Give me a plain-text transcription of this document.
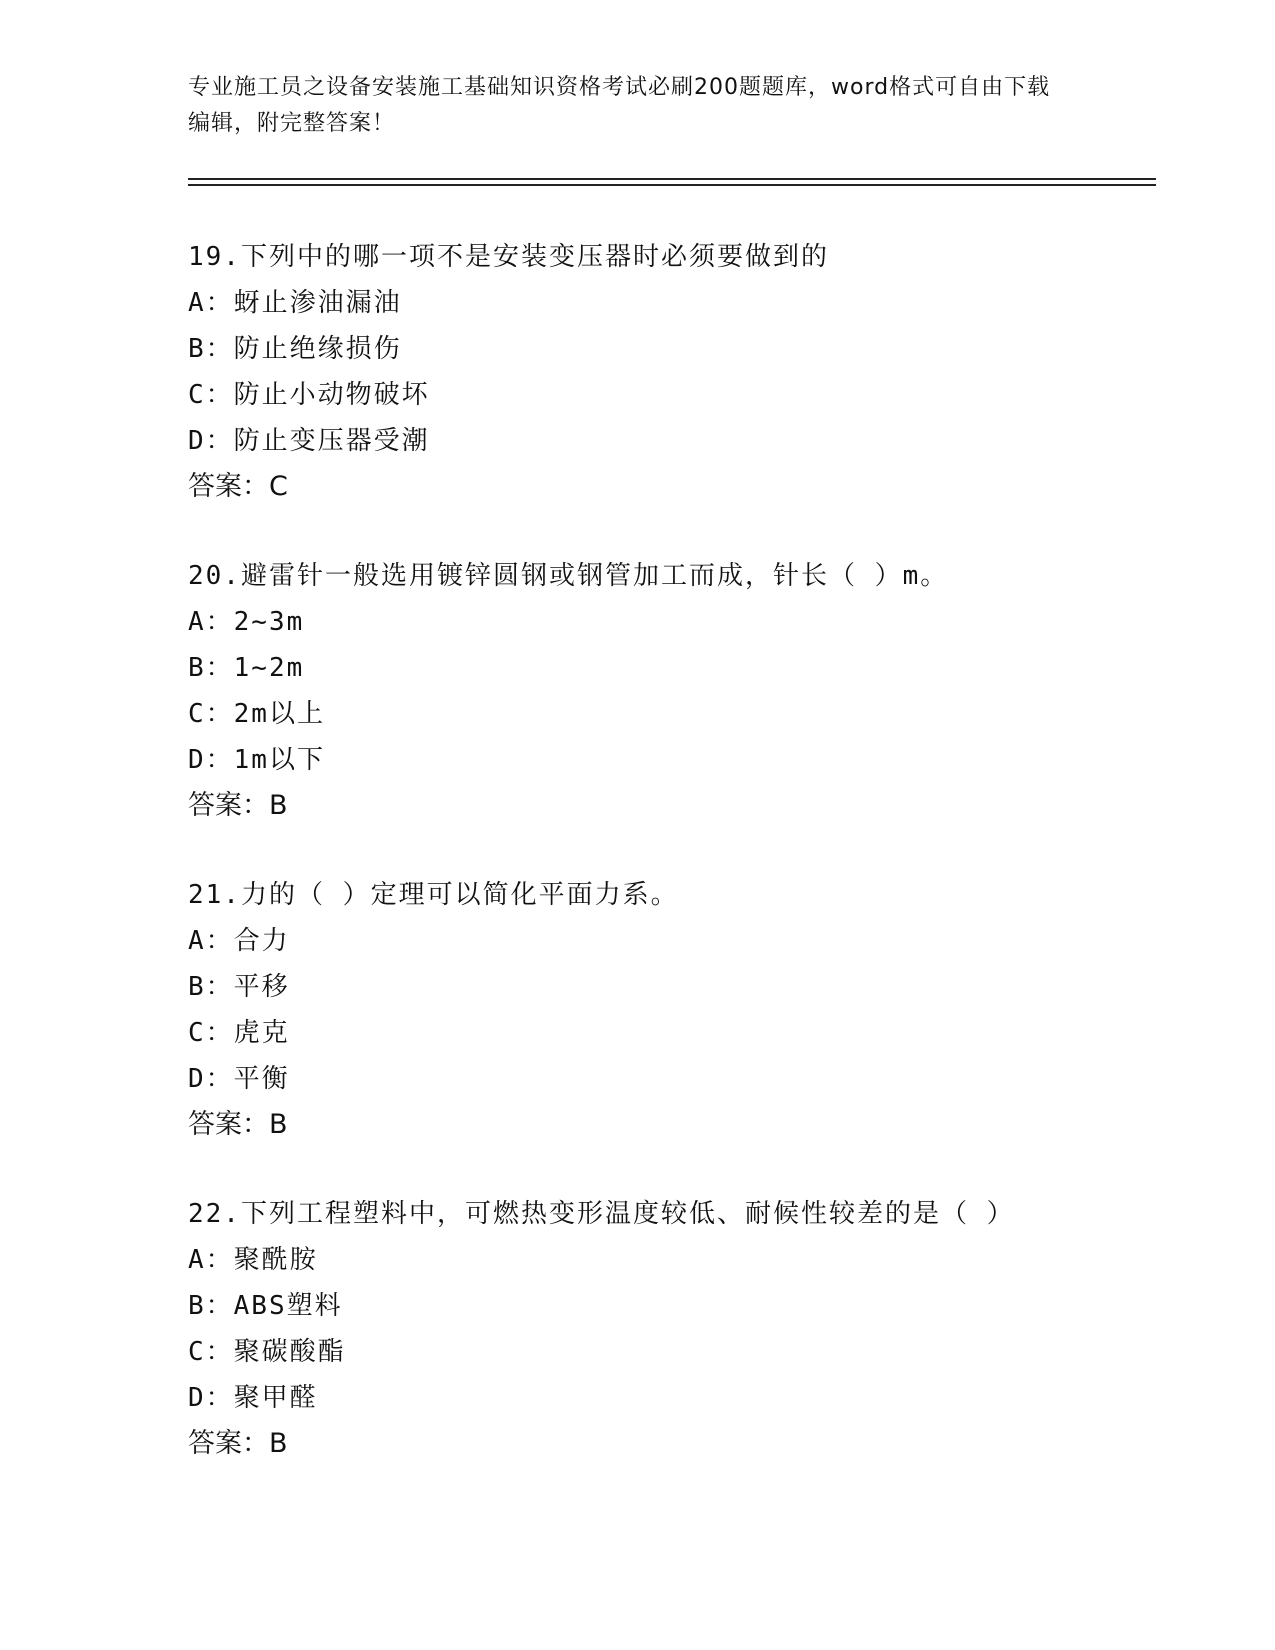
专业施工员之设备安装施工基础知识资格考试必刷200题题库，word格式可自由下载编辑，附完整答案！
19.下列中的哪一项不是安装变压器时必须要做到的
A：蚜止渗油漏油
B：防止绝缘损伤
C：防止小动物破坏
D：防止变压器受潮
答案：C
20.避雷针一般选用镀锌圆钢或钢管加工而成，针长（ ）m。
A：2~3m
B：1~2m
C：2m以上
D：1m以下
答案：B
21.力的（ ）定理可以简化平面力系。
A：合力
B：平移
C：虎克
D：平衡
答案：B
22.下列工程塑料中，可燃热变形温度较低、耐候性较差的是（ ）
A：聚酰胺
B：ABS塑料
C：聚碳酸酯
D：聚甲醛
答案：B
